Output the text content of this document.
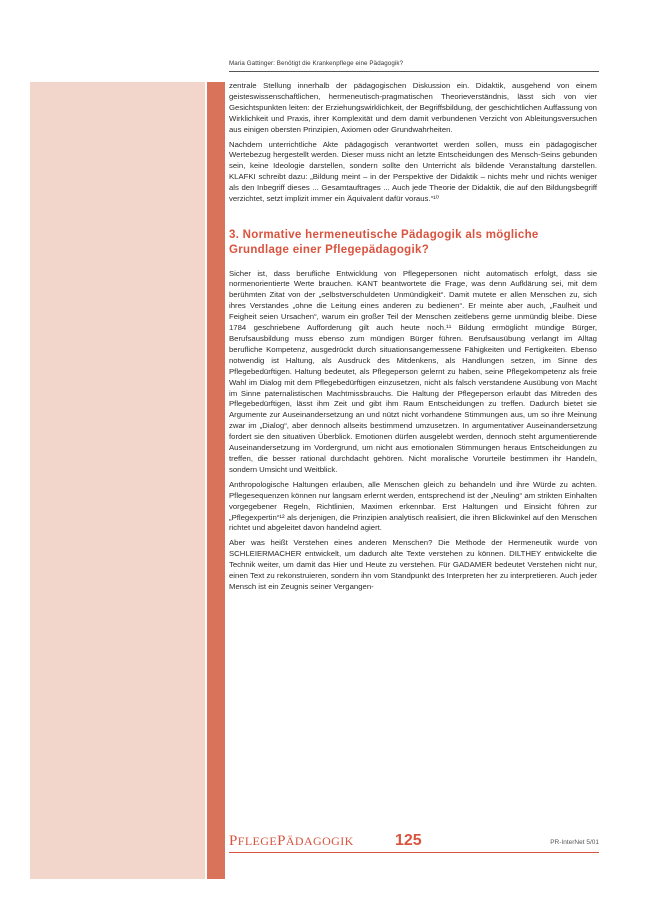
Maria Gattinger: Benötigt die Krankenpflege eine Pädagogik?

zentrale Stellung innerhalb der pädagogischen Diskussion ein. Didaktik, ausgehend von einem geisteswissenschaftlichen, hermeneutisch-pragmatischen Theorieverständnis, lässt sich von vier Gesichtspunkten leiten: der Erziehungswirklichkeit, der Begriffsbildung, der geschichtlichen Auffassung von Wirklichkeit und Praxis, ihrer Komplexität und dem damit verbundenen Verzicht von Ableitungsversuchen aus einigen obersten Prinzipien, Axiomen oder Grundwahrheiten.

Nachdem unterrichtliche Akte pädagogisch verantwortet werden sollen, muss ein pädagogischer Wertebezug hergestellt werden. Dieser muss nicht an letzte Entscheidungen des Mensch-Seins gebunden sein, keine Ideologie darstellen, sondern sollte den Unterricht als bildende Veranstaltung darstellen. KLAFKI schreibt dazu: „Bildung meint – in der Perspektive der Didaktik – nichts mehr und nichts weniger als den Inbegriff dieses ... Gesamtauftrages ... Auch jede Theorie der Didaktik, die auf den Bildungsbegriff verzichtet, setzt implizit immer ein Äquivalent dafür voraus.“¹⁰

3. Normative hermeneutische Pädagogik als mögliche Grundlage einer Pflegepädagogik?

Sicher ist, dass berufliche Entwicklung von Pflegepersonen nicht automatisch erfolgt, dass sie normenorientierte Werte brauchen. KANT beantwortete die Frage, was denn Aufklärung sei, mit dem berühmten Zitat von der „selbstverschuldeten Unmündigkeit“. Damit mutete er allen Menschen zu, sich ihres Verstandes „ohne die Leitung eines anderen zu bedienen“. Er meinte aber auch, „Faulheit und Feigheit seien Ursachen“, warum ein großer Teil der Menschen zeitlebens gerne unmündig bleibe. Diese 1784 geschriebene Aufforderung gilt auch heute noch.¹¹ Bildung ermöglicht mündige Bürger, Berufsausbildung muss ebenso zum mündigen Bürger führen. Berufsausübung verlangt im Alltag berufliche Kompetenz, ausgedrückt durch situationsangemessene Fähigkeiten und Fertigkeiten. Ebenso notwendig ist Haltung, als Ausdruck des Mitdenkens, als Handlungen setzen, im Sinne des Pflegebedürftigen. Haltung bedeutet, als Pflegeperson gelernt zu haben, seine Pflegekompetenz als freie Wahl im Dialog mit dem Pflegebedürftigen einzusetzen, nicht als falsch verstandene Ausübung von Macht im Sinne paternalistischen Machtmissbrauchs. Die Haltung der Pflegeperson erlaubt das Mitreden des Pflegebedürftigen, lässt ihm Zeit und gibt ihm Raum Entscheidungen zu treffen. Dadurch bietet sie Argumente zur Auseinandersetzung an und nützt nicht vorhandene Stimmungen aus, um so ihre Meinung zwar im „Dialog“, aber dennoch allseits bestimmend umzusetzen. In argumentativer Auseinandersetzung fordert sie den situativen Überblick. Emotionen dürfen ausgelebt werden, dennoch steht argumentierende Auseinandersetzung im Vordergrund, um nicht aus emotionalen Stimmungen heraus Entscheidungen zu treffen, die besser rational durchdacht gehören. Nicht moralische Vorurteile bestimmen ihr Handeln, sondern Umsicht und Weitblick.

Anthropologische Haltungen erlauben, alle Menschen gleich zu behandeln und ihre Würde zu achten. Pflegesequenzen können nur langsam erlernt werden, entsprechend ist der „Neuling“ am strikten Einhalten vorgegebener Regeln, Richtlinien, Maximen erkennbar. Erst Haltungen und Einsicht führen zur „Pflegexpertin“¹² als derjenigen, die Prinzipien analytisch realisiert, die ihren Blickwinkel auf den Menschen richtet und abgeleitet davon handelnd agiert.

Aber was heißt Verstehen eines anderen Menschen? Die Methode der Hermeneutik wurde von SCHLEIERMACHER entwickelt, um dadurch alte Texte verstehen zu können. DILTHEY entwickelte die Technik weiter, um damit das Hier und Heute zu verstehen. Für GADAMER bedeutet Verstehen nicht nur, einen Text zu rekonstruieren, sondern ihn vom Standpunkt des Interpreten her zu interpretieren. Auch jeder Mensch ist ein Zeugnis seiner Vergangen-

PFLEGEPÄDAGOGIK	125	PR-InterNet 5/01
